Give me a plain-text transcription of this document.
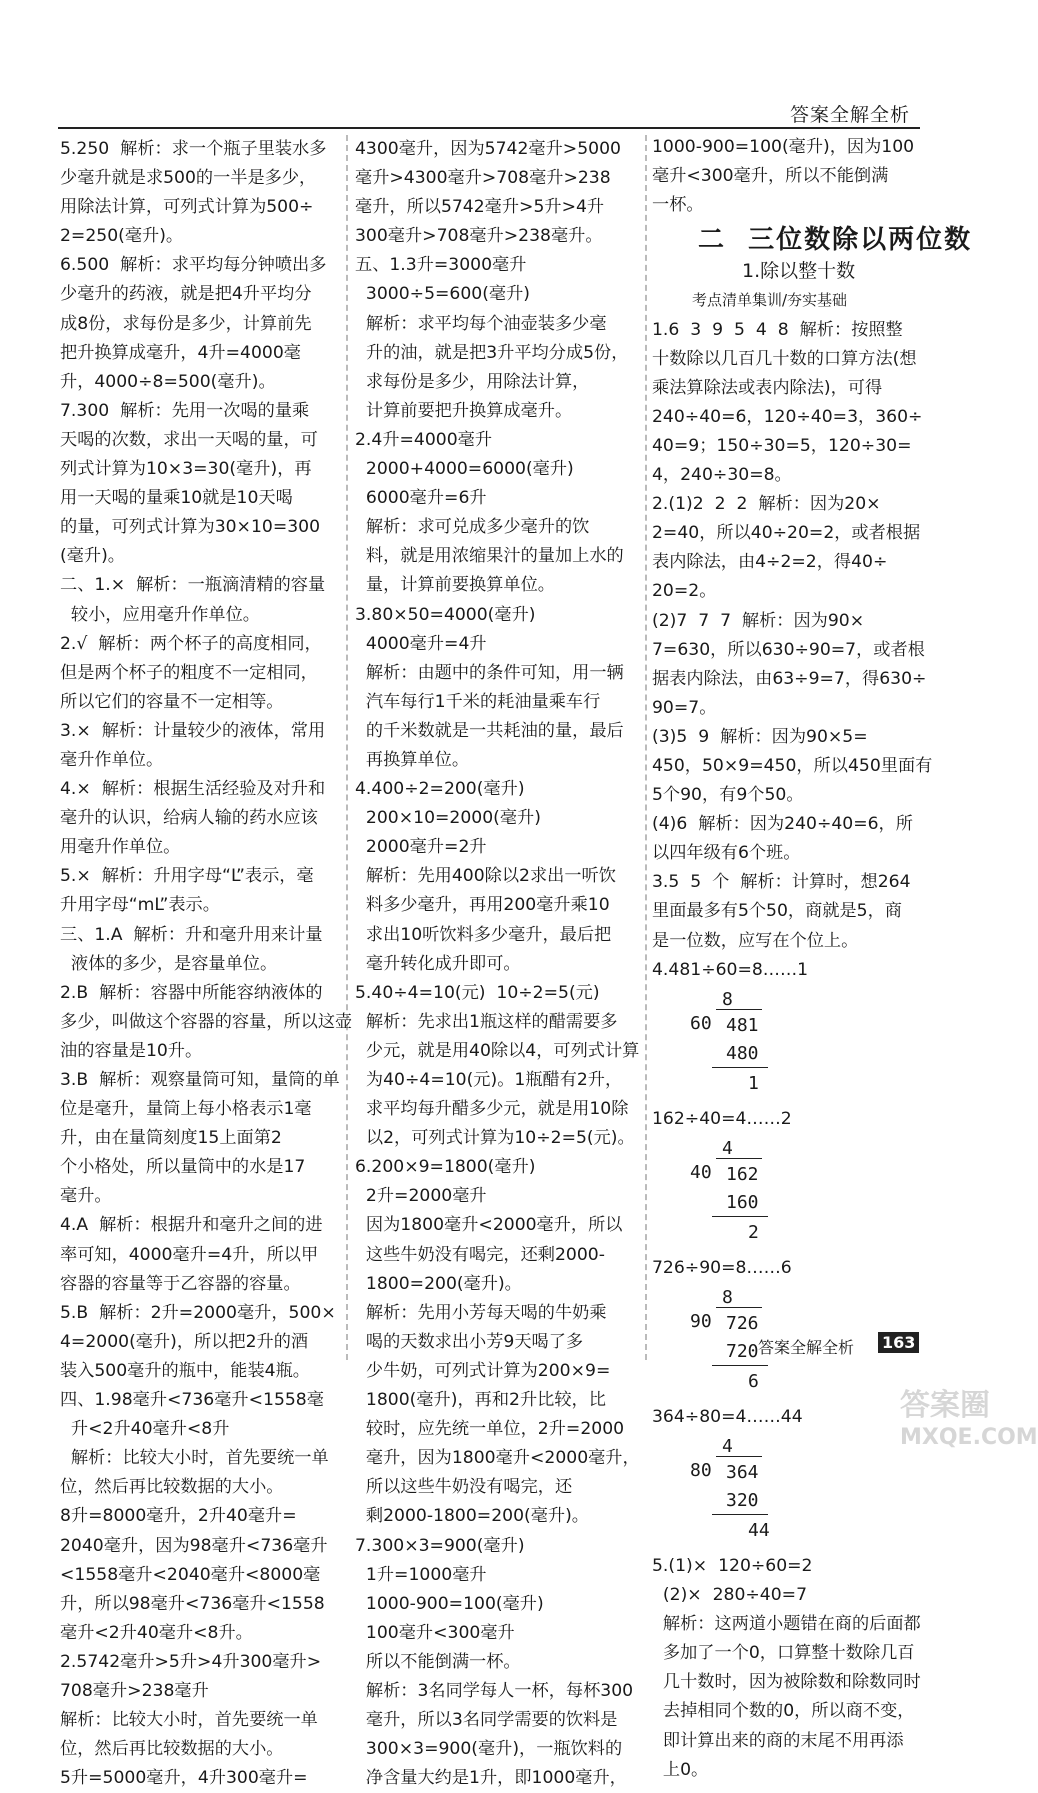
答案全解全析

5.250  解析：求一个瓶子里装水多

少毫升就是求500的一半是多少，

用除法计算，可列式计算为500÷

2=250(毫升)。

6.500  解析：求平均每分钟喷出多

少毫升的药液，就是把4升平均分

成8份，求每份是多少，计算前先

把升换算成毫升，4升=4000毫

升，4000÷8=500(毫升)。

7.300  解析：先用一次喝的量乘

天喝的次数，求出一天喝的量，可

列式计算为10×3=30(毫升)，再

用一天喝的量乘10就是10天喝

的量，可列式计算为30×10=300

(毫升)。

二、1.×  解析：一瓶滴清精的容量

较小，应用毫升作单位。

2.√  解析：两个杯子的高度相同，

但是两个杯子的粗度不一定相同，

所以它们的容量不一定相等。

3.×  解析：计量较少的液体，常用

毫升作单位。

4.×  解析：根据生活经验及对升和

毫升的认识，给病人输的药水应该

用毫升作单位。

5.×  解析：升用字母“L”表示，毫

升用字母“mL”表示。

三、1.A  解析：升和毫升用来计量

液体的多少，是容量单位。

2.B  解析：容器中所能容纳液体的

多少，叫做这个容器的容量，所以这壶

油的容量是10升。

3.B  解析：观察量筒可知，量筒的单

位是毫升，量筒上每小格表示1毫

升，由在量筒刻度15上面第2

个小格处，所以量筒中的水是17

毫升。

4.A  解析：根据升和毫升之间的进

率可知，4000毫升=4升，所以甲

容器的容量等于乙容器的容量。

5.B  解析：2升=2000毫升，500×

4=2000(毫升)，所以把2升的酒

装入500毫升的瓶中，能装4瓶。

四、1.98毫升<736毫升<1558毫

升<2升40毫升<8升

解析：比较大小时，首先要统一单

位，然后再比较数据的大小。

8升=8000毫升，2升40毫升=

2040毫升，因为98毫升<736毫升

<1558毫升<2040毫升<8000毫

升，所以98毫升<736毫升<1558

毫升<2升40毫升<8升。

2.5742毫升>5升>4升300毫升>

708毫升>238毫升

解析：比较大小时，首先要统一单

位，然后再比较数据的大小。

5升=5000毫升，4升300毫升=

4300毫升，因为5742毫升>5000

毫升>4300毫升>708毫升>238

毫升，所以5742毫升>5升>4升

300毫升>708毫升>238毫升。

五、1.3升=3000毫升

3000÷5=600(毫升)

解析：求平均每个油壶装多少毫

升的油，就是把3升平均分成5份，

求每份是多少，用除法计算，

计算前要把升换算成毫升。

2.4升=4000毫升

2000+4000=6000(毫升)

6000毫升=6升

解析：求可兑成多少毫升的饮

料，就是用浓缩果汁的量加上水的

量，计算前要换算单位。

3.80×50=4000(毫升)

4000毫升=4升

解析：由题中的条件可知，用一辆

汽车每行1千米的耗油量乘车行

的千米数就是一共耗油的量，最后

再换算单位。

4.400÷2=200(毫升)

200×10=2000(毫升)

2000毫升=2升

解析：先用400除以2求出一听饮

料多少毫升，再用200毫升乘10

求出10听饮料多少毫升，最后把

毫升转化成升即可。

5.40÷4=10(元)  10÷2=5(元)

解析：先求出1瓶这样的醋需要多

少元，就是用40除以4，可列式计算

为40÷4=10(元)。1瓶醋有2升，

求平均每升醋多少元，就是用10除

以2，可列式计算为10÷2=5(元)。

6.200×9=1800(毫升)

2升=2000毫升

因为1800毫升<2000毫升，所以

这些牛奶没有喝完，还剩2000-

1800=200(毫升)。

解析：先用小芳每天喝的牛奶乘

喝的天数求出小芳9天喝了多

少牛奶，可列式计算为200×9=

1800(毫升)，再和2升比较，比

较时，应先统一单位，2升=2000

毫升，因为1800毫升<2000毫升，

所以这些牛奶没有喝完，还

剩2000-1800=200(毫升)。

7.300×3=900(毫升)

1升=1000毫升

1000-900=100(毫升)

100毫升<300毫升

所以不能倒满一杯。

解析：3名同学每人一杯，每杯300

毫升，所以3名同学需要的饮料是

300×3=900(毫升)，一瓶饮料的

净含量大约是1升，即1000毫升，

1000-900=100(毫升)，因为100

毫升<300毫升，所以不能倒满

一杯。

二  三位数除以两位数

1.除以整十数

考点清单集训/夯实基础

1.6  3  9  5  4  8  解析：按照整

十数除以几百几十数的口算方法(想

乘法算除法或表内除法)，可得

240÷40=6，120÷40=3，360÷

40=9；150÷30=5，120÷30=

4，240÷30=8。

2.(1)2  2  2  解析：因为20×

2=40，所以40÷20=2，或者根据

表内除法，由4÷2=2，得40÷

20=2。

(2)7  7  7  解析：因为90×

7=630，所以630÷90=7，或者根

据表内除法，由63÷9=7，得630÷

90=7。

(3)5  9  解析：因为90×5=

450，50×9=450，所以450里面有

5个90，有9个50。

(4)6  解析：因为240÷40=6，所

以四年级有6个班。

3.5  5  个  解析：计算时，想264

里面最多有5个50，商就是5，商

是一位数，应写在个位上。

4.481÷60=8……1

8
60 481
480
1

162÷40=4……2

4
40 162
160
2

726÷90=8……6

8
90 726
720
6

364÷80=4……44

4
80 364
320
44

5.(1)×  120÷60=2

(2)×  280÷40=7

解析：这两道小题错在商的后面都

多加了一个0，口算整十数除几百

几十数时，因为被除数和除数同时

去掉相同个数的0，所以商不变，

即计算出来的商的末尾不用再添

上0。

答案全解全析 163
答案圈
MXQE.COM
